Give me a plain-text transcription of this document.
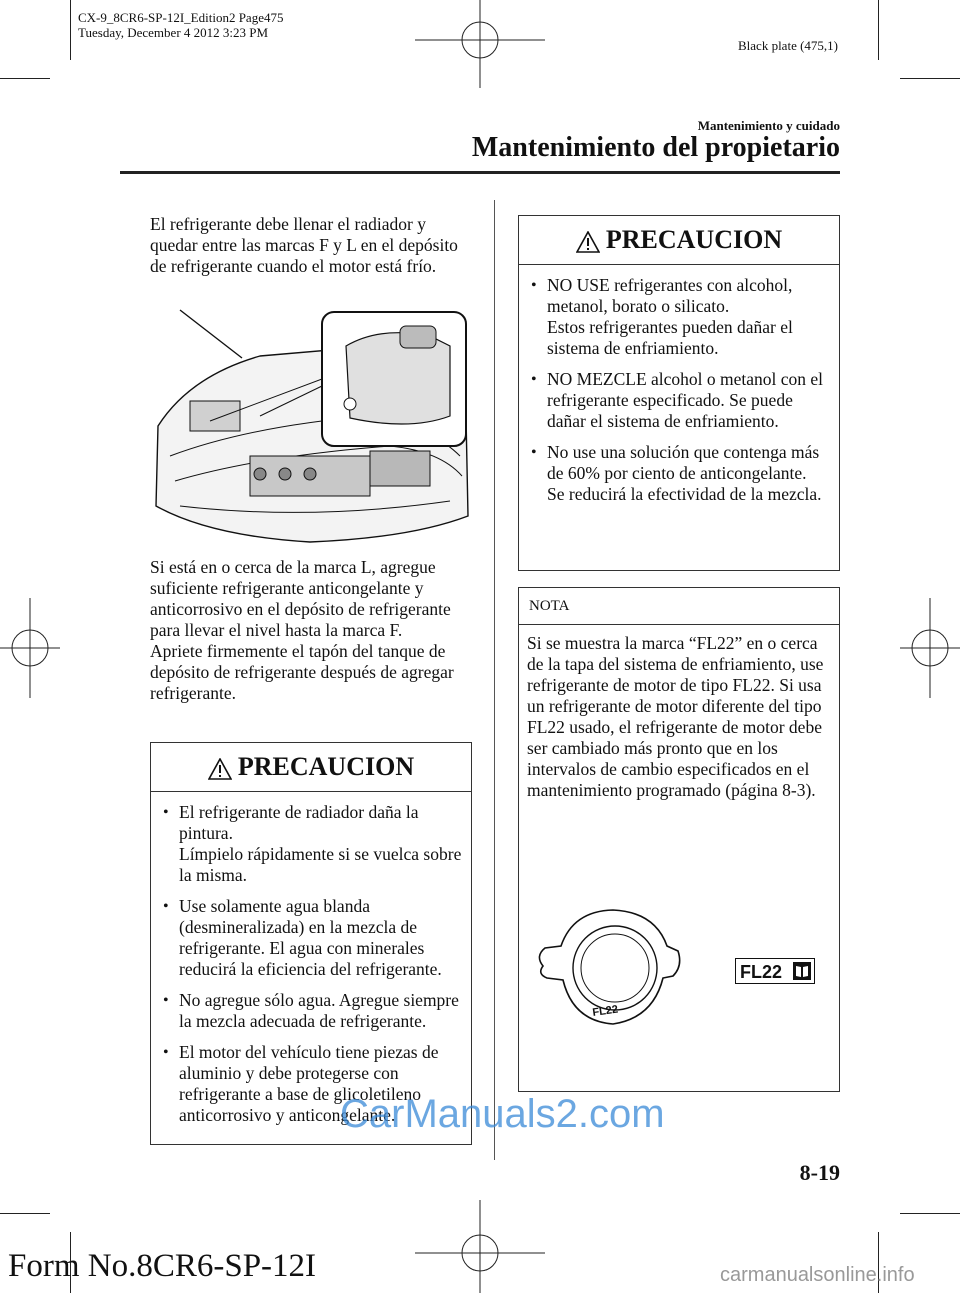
CX-9_8CR6-SP-12I_Edition2 Page475
Tuesday, December 4 2012 3:23 PM
Black plate (475,1)
Mantenimiento y cuidado
Mantenimiento del propietario
El refrigerante debe llenar el radiador y quedar entre las marcas F y L en el depósito de refrigerante cuando el motor está frío.
Si está en o cerca de la marca L, agregue suficiente refrigerante anticongelante y anticorrosivo en el depósito de refrigerante para llevar el nivel hasta la marca F.
Apriete firmemente el tapón del tanque de depósito de refrigerante después de agregar refrigerante.
PRECAUCION
• El refrigerante de radiador daña la pintura.
Límpielo rápidamente si se vuelca sobre la misma.
• Use solamente agua blanda (desmineralizada) en la mezcla de refrigerante. El agua con minerales reducirá la eficiencia del refrigerante.
• No agregue sólo agua. Agregue siempre la mezcla adecuada de refrigerante.
• El motor del vehículo tiene piezas de aluminio y debe protegerse con refrigerante a base de glicoletileno anticorrosivo y anticongelante.
PRECAUCION
• NO USE refrigerantes con alcohol, metanol, borato o silicato.
Estos refrigerantes pueden dañar el sistema de enfriamiento.
• NO MEZCLE alcohol o metanol con el refrigerante especificado. Se puede dañar el sistema de enfriamiento.
• No use una solución que contenga más de 60% por ciento de anticongelante.
Se reducirá la efectividad de la mezcla.
NOTA
Si se muestra la marca “FL22” en o cerca de la tapa del sistema de enfriamiento, use refrigerante de motor de tipo FL22. Si usa un refrigerante de motor diferente del tipo FL22 usado, el refrigerante de motor debe ser cambiado más pronto que en los intervalos de cambio especificados en el mantenimiento programado (página 8-3).
FL22
FL22
8-19
Form No.8CR6-SP-12I
CarManuals2.com
carmanualsonline.info
